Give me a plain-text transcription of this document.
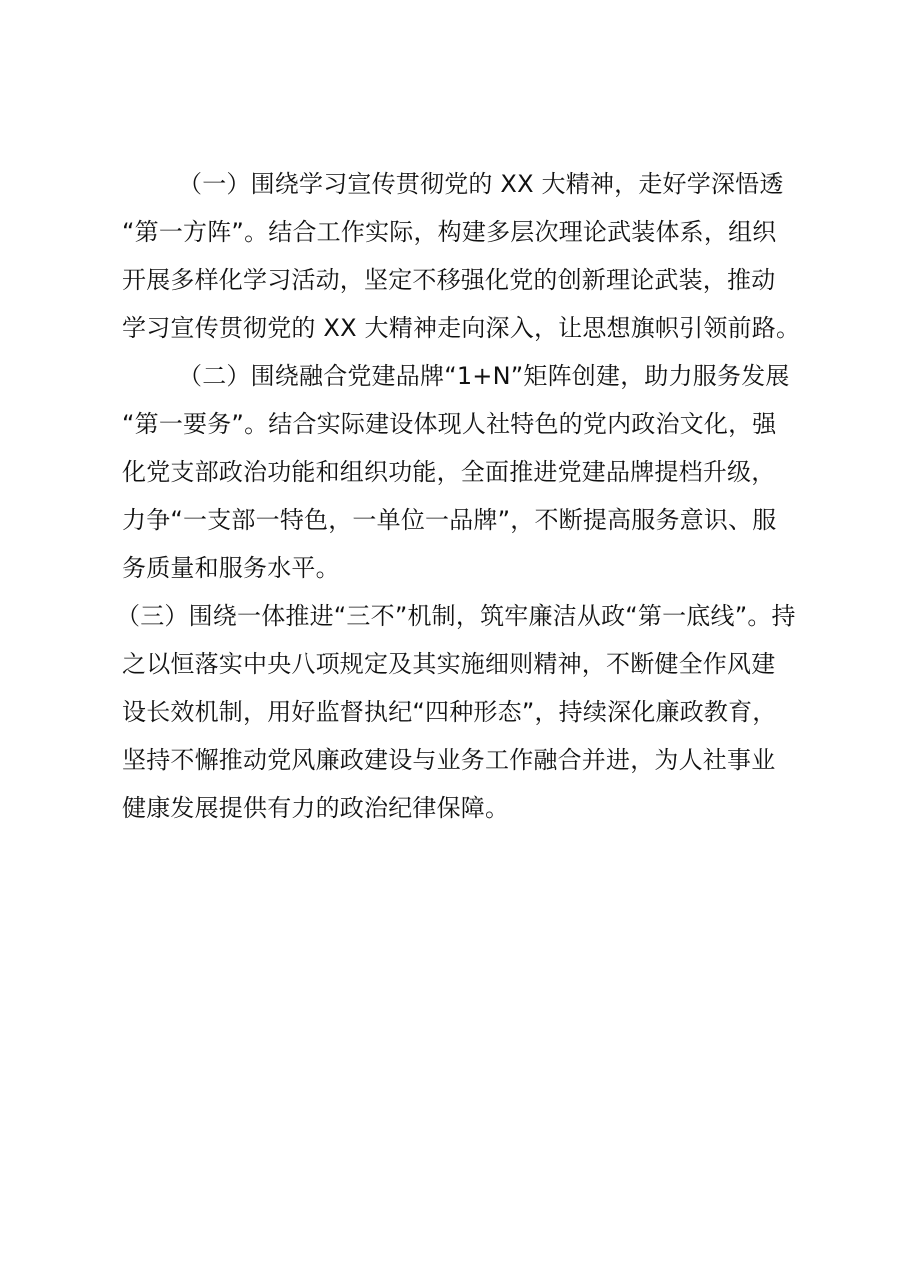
（一）围绕学习宣传贯彻党的 XX 大精神，走好学深悟透
“第一方阵”。结合工作实际，构建多层次理论武装体系，组织
开展多样化学习活动，坚定不移强化党的创新理论武装，推动
学习宣传贯彻党的 XX 大精神走向深入，让思想旗帜引领前路。
（二）围绕融合党建品牌“1+N”矩阵创建，助力服务发展
“第一要务”。结合实际建设体现人社特色的党内政治文化，强
化党支部政治功能和组织功能，全面推进党建品牌提档升级，
力争“一支部一特色，一单位一品牌”，不断提高服务意识、服
务质量和服务水平。
（三）围绕一体推进“三不”机制，筑牢廉洁从政“第一底线”。持
之以恒落实中央八项规定及其实施细则精神，不断健全作风建
设长效机制，用好监督执纪“四种形态”，持续深化廉政教育，
坚持不懈推动党风廉政建设与业务工作融合并进，为人社事业
健康发展提供有力的政治纪律保障。
